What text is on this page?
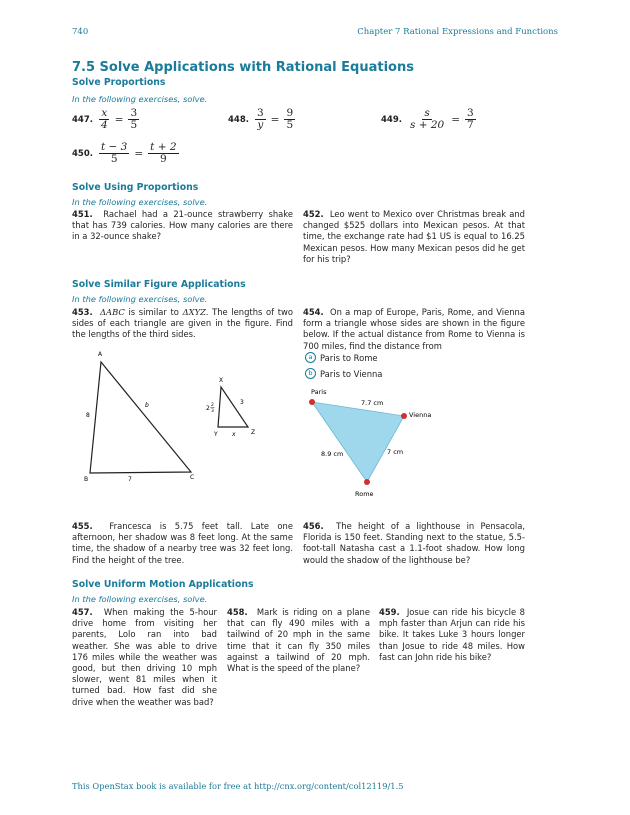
740	Chapter 7 Rational Expressions and Functions
7.5 Solve Applications with Rational Equations
Solve Proportions
In the following exercises, solve.
447. $\frac{x}{4} = \frac{3}{5}$	448. $\frac{3}{y} = \frac{9}{5}$	449. $\frac{s}{s + 20} = \frac{3}{7}$
450. $\frac{t - 3}{5} = \frac{t + 2}{9}$
Solve Using Proportions
In the following exercises, solve.
451. Rachael had a 21-ounce strawberry shake that has 739 calories. How many calories are there in a 32-ounce shake?
452. Leo went to Mexico over Christmas break and changed $525 dollars into Mexican pesos. At that time, the exchange rate had $1 US is equal to 16.25 Mexican pesos. How many Mexican pesos did he get for his trip?
Solve Similar Figure Applications
In the following exercises, solve.
453. ΔABC is similar to ΔXYZ. The lengths of two sides of each triangle are given in the figure. Find the lengths of the third sides.
454. On a map of Europe, Paris, Rome, and Vienna form a triangle whose sides are shown in the figure below. If the actual distance from Rome to Vienna is 700 miles, find the distance from
a Paris to Rome
b Paris to Vienna
A
B	C
8
7
b
X
Y	Z
2 2
3
3
x
Paris
Vienna
Rome
7.7 cm
8.9 cm	7 cm
455. Francesca is 5.75 feet tall. Late one afternoon, her shadow was 8 feet long. At the same time, the shadow of a nearby tree was 32 feet long. Find the height of the tree.
456. The height of a lighthouse in Pensacola, Florida is 150 feet. Standing next to the statue, 5.5-foot-tall Natasha cast a 1.1-foot shadow. How long would the shadow of the lighthouse be?
Solve Uniform Motion Applications
In the following exercises, solve.
457. When making the 5-hour drive home from visiting her parents, Lolo ran into bad weather. She was able to drive 176 miles while the weather was good, but then driving 10 mph slower, went 81 miles when it turned bad. How fast did she drive when the weather was bad?
458. Mark is riding on a plane that can fly 490 miles with a tailwind of 20 mph in the same time that it can fly 350 miles against a tailwind of 20 mph. What is the speed of the plane?
459. Josue can ride his bicycle 8 mph faster than Arjun can ride his bike. It takes Luke 3 hours longer than Josue to ride 48 miles. How fast can John ride his bike?
This OpenStax book is available for free at http://cnx.org/content/col12119/1.5
